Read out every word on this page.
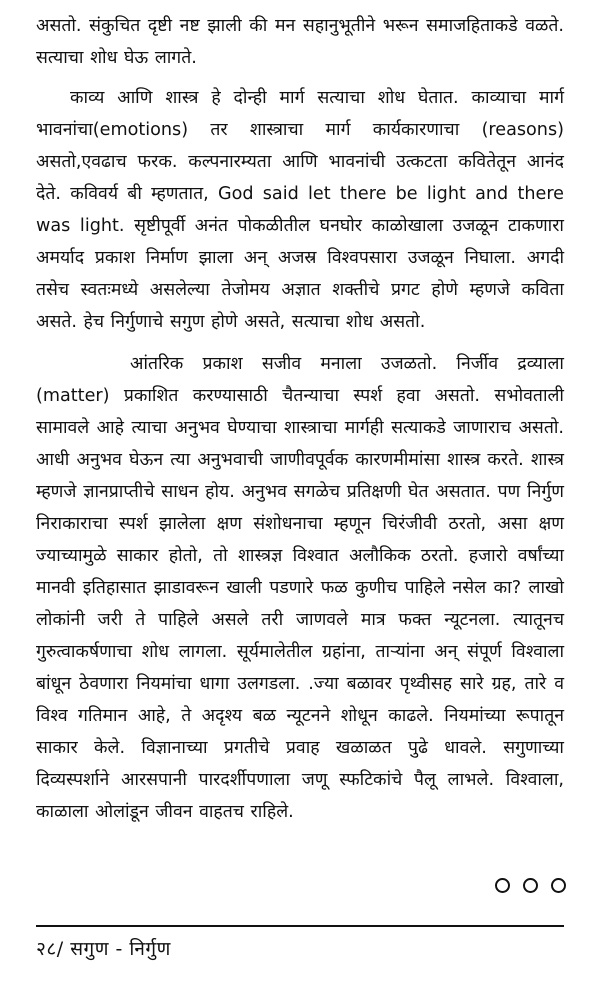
असतो. संकुचित दृष्टी नष्ट झाली की मन सहानुभूतीने भरून समाजहिताकडे वळते. सत्याचा शोध घेऊ लागते.

काव्य आणि शास्त्र हे दोन्ही मार्ग सत्याचा शोध घेतात. काव्याचा मार्ग भावनांचा(emotions) तर शास्त्राचा मार्ग कार्यकारणाचा (reasons) असतो,एवढाच फरक. कल्पनारम्यता आणि भावनांची उत्कटता कवितेतून आनंद देते. कविवर्य बी म्हणतात, God said let there be light and there was light. सृष्टीपूर्वी अनंत पोकळीतील घनघोर काळोखाला उजळून टाकणारा अमर्याद प्रकाश निर्माण झाला अन् अजस्र विश्वपसारा उजळून निघाला. अगदी तसेच स्वतःमध्ये असलेल्या तेजोमय अज्ञात शक्तीचे प्रगट होणे म्हणजे कविता असते. हेच निर्गुणाचे सगुण होणे असते, सत्याचा शोध असतो.

आंतरिक प्रकाश सजीव मनाला उजळतो. निर्जीव द्रव्याला (matter) प्रकाशित करण्यासाठी चैतन्याचा स्पर्श हवा असतो. सभोवताली सामावले आहे त्याचा अनुभव घेण्याचा शास्त्राचा मार्गही सत्याकडे जाणाराच असतो. आधी अनुभव घेऊन त्या अनुभवाची जाणीवपूर्वक कारणमीमांसा शास्त्र करते. शास्त्र म्हणजे ज्ञानप्राप्तीचे साधन होय. अनुभव सगळेच प्रतिक्षणी घेत असतात. पण निर्गुण निराकाराचा स्पर्श झालेला क्षण संशोधनाचा म्हणून चिरंजीवी ठरतो, असा क्षण ज्याच्यामुळे साकार होतो, तो शास्त्रज्ञ विश्वात अलौकिक ठरतो. हजारो वर्षांच्या मानवी इतिहासात झाडावरून खाली पडणारे फळ कुणीच पाहिले नसेल का? लाखो लोकांनी जरी ते पाहिले असले तरी जाणवले मात्र फक्त न्यूटनला. त्यातूनच गुरुत्वाकर्षणाचा शोध लागला. सूर्यमालेतील ग्रहांना, ताऱ्यांना अन् संपूर्ण विश्वाला बांधून ठेवणारा नियमांचा धागा उलगडला. .ज्या बळावर पृथ्वीसह सारे ग्रह, तारे व विश्व गतिमान आहे, ते अदृश्य बळ न्यूटनने शोधून काढले. नियमांच्या रूपातून साकार केले. विज्ञानाच्या प्रगतीचे प्रवाह खळाळत पुढे धावले. सगुणाच्या दिव्यस्पर्शाने आरसपानी पारदर्शीपणाला जणू स्फटिकांचे पैलू लाभले. विश्वाला, काळाला ओलांडून जीवन वाहतच राहिले.

२८/ सगुण - निर्गुण
